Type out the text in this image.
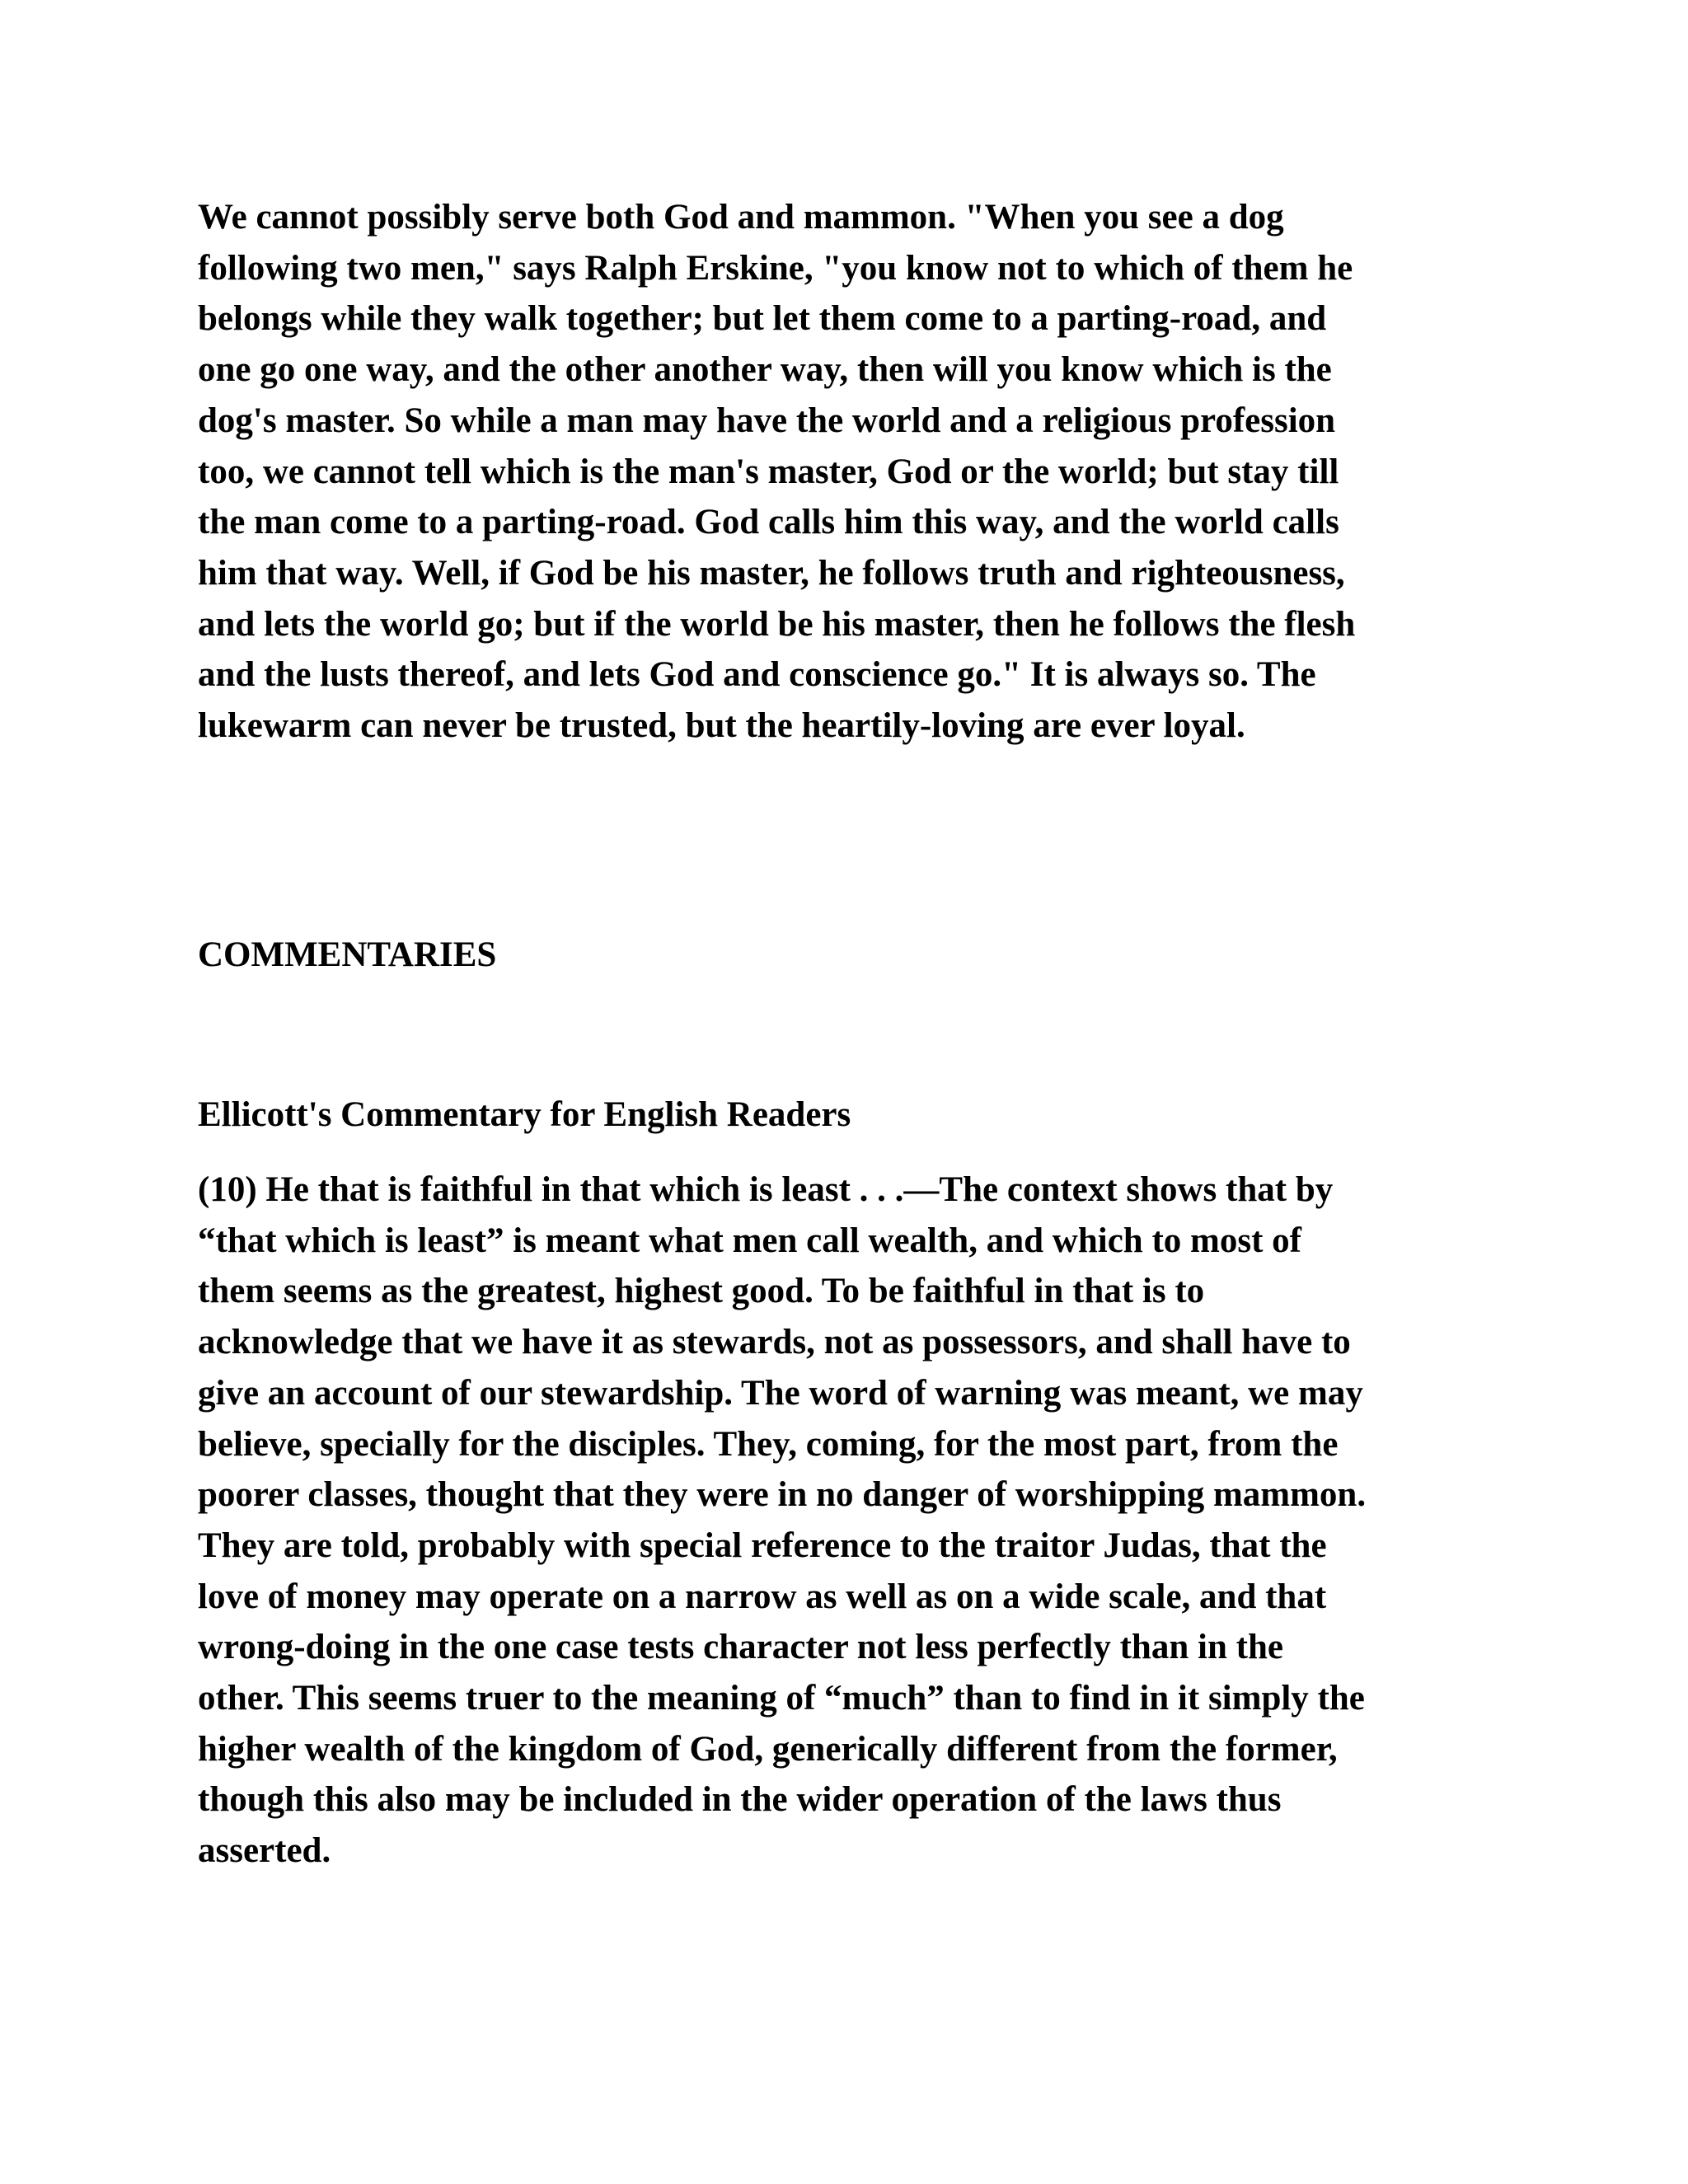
We cannot possibly serve both God and mammon. "When you see a dog
following two men," says Ralph Erskine, "you know not to which of them he
belongs while they walk together; but let them come to a parting-road, and
one go one way, and the other another way, then will you know which is the
dog's master. So while a man may have the world and a religious profession
too, we cannot tell which is the man's master, God or the world; but stay till
the man come to a parting-road. God calls him this way, and the world calls
him that way. Well, if God be his master, he follows truth and righteousness,
and lets the world go; but if the world be his master, then he follows the flesh
and the lusts thereof, and lets God and conscience go." It is always so. The
lukewarm can never be trusted, but the heartily-loving are ever loyal.
COMMENTARIES
Ellicott's Commentary for English Readers
(10) He that is faithful in that which is least . . .—The context shows that by
“that which is least” is meant what men call wealth, and which to most of
them seems as the greatest, highest good. To be faithful in that is to
acknowledge that we have it as stewards, not as possessors, and shall have to
give an account of our stewardship. The word of warning was meant, we may
believe, specially for the disciples. They, coming, for the most part, from the
poorer classes, thought that they were in no danger of worshipping mammon.
They are told, probably with special reference to the traitor Judas, that the
love of money may operate on a narrow as well as on a wide scale, and that
wrong-doing in the one case tests character not less perfectly than in the
other. This seems truer to the meaning of “much” than to find in it simply the
higher wealth of the kingdom of God, generically different from the former,
though this also may be included in the wider operation of the laws thus
asserted.
